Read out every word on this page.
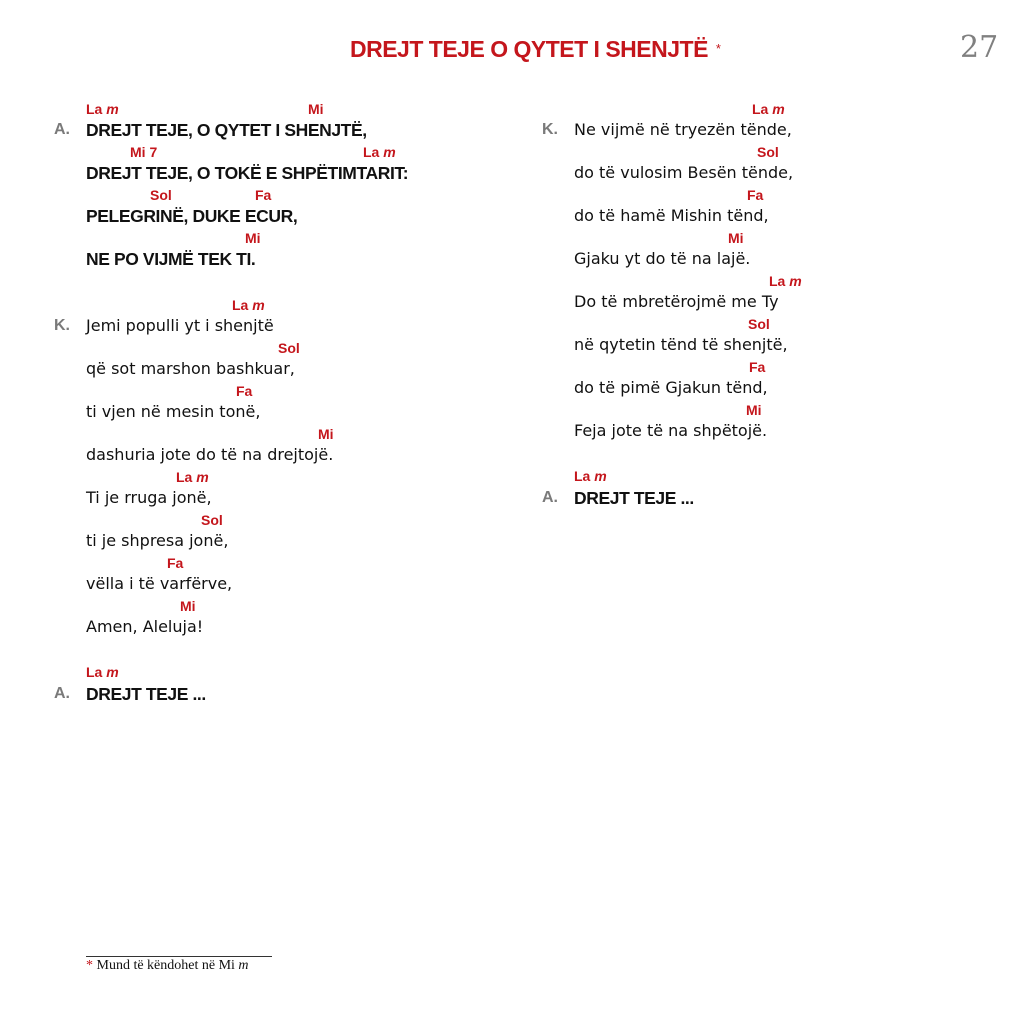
DREJT TEJE O QYTET I SHENJTË *	27
A.
La m	Mi
DREJT TEJE, O QYTET I SHENJTË,
Mi 7	La m
DREJT TEJE, O TOKË E SHPËTIMTARIT:
Sol	Fa
PELEGRINË, DUKE ECUR,
Mi
NE PO VIJMË TEK TI.
K.
La m
Jemi populli yt i shenjtë
Sol
që sot marshon bashkuar,
Fa
ti vjen në mesin tonë,
Mi
dashuria jote do të na drejtojë.
La m
Ti je rruga jonë,
Sol
ti je shpresa jonë,
Fa
vëlla i të varfërve,
Mi
Amen, Aleluja!
La m
A. DREJT TEJE ...
K.
La m
Ne vijmë në tryezën tënde,
Sol
do të vulosim Besën tënde,
Fa
do të hamë Mishin tënd,
Mi
Gjaku yt do të na lajë.
La m
Do të mbretërojmë me Ty
Sol
në qytetin tënd të shenjtë,
Fa
do të pimë Gjakun tënd,
Mi
Feja jote të na shpëtojë.
La m
A. DREJT TEJE ...
* Mund të këndohet në Mi m
